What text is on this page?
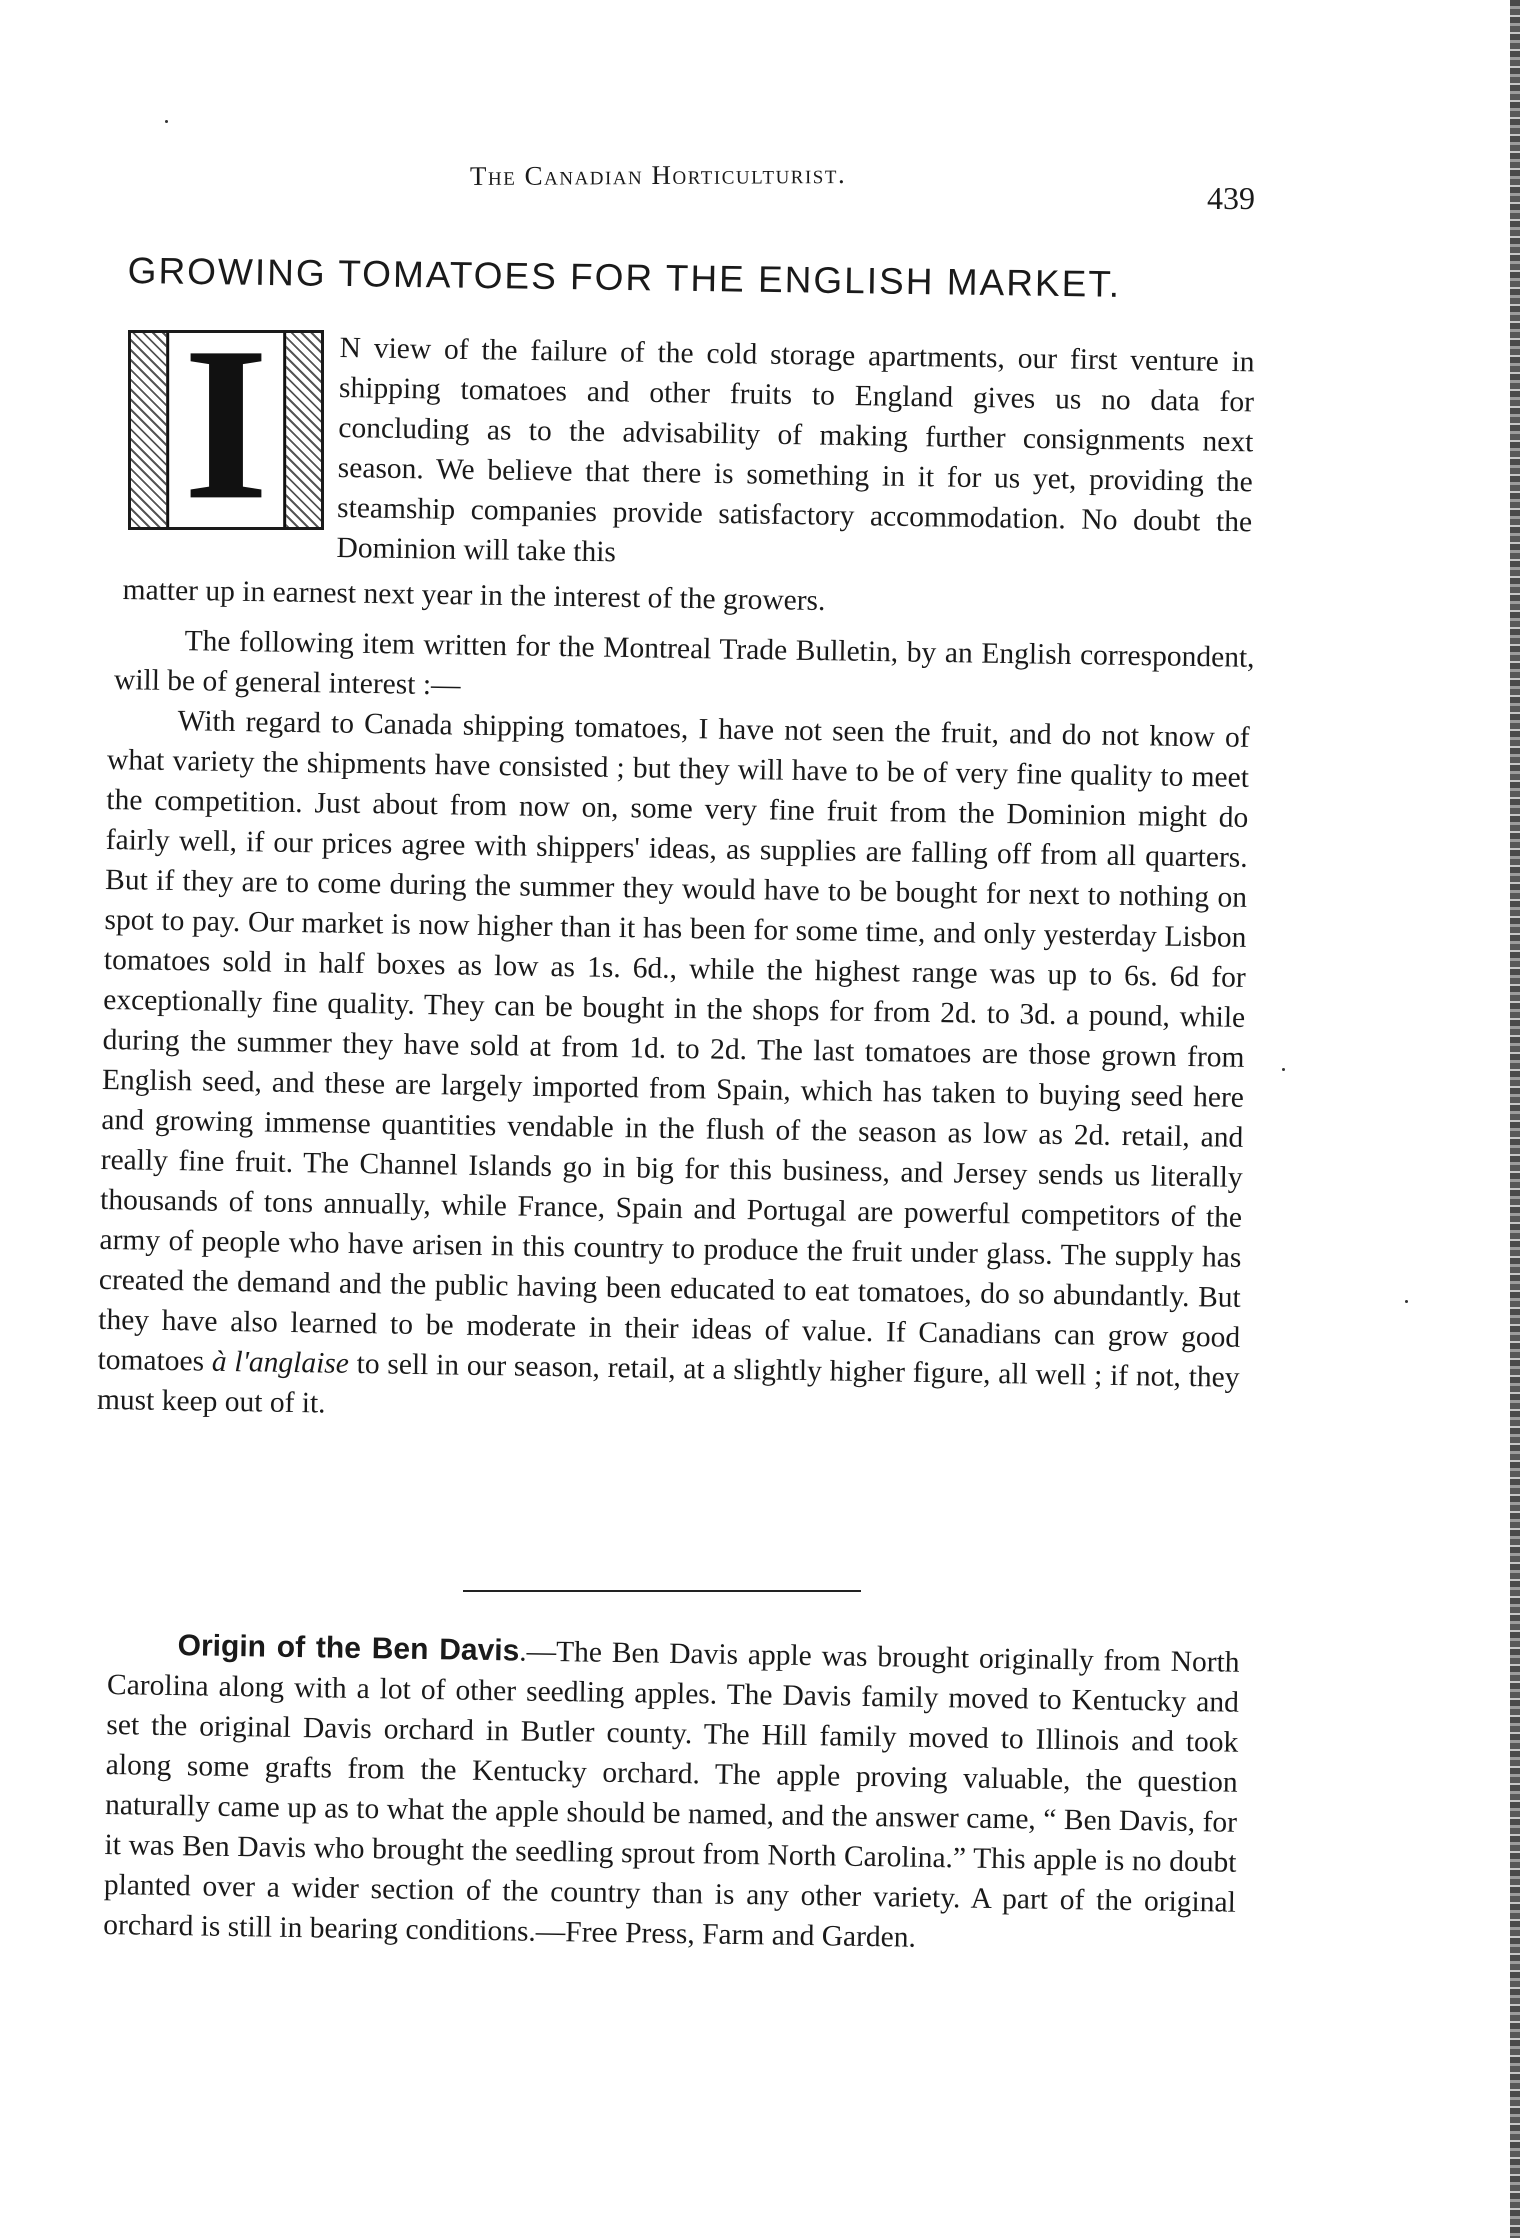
The Canadian Horticulturist.
439
GROWING TOMATOES FOR THE ENGLISH MARKET.
I	N view of the failure of the cold storage apartments, our first venture in shipping tomatoes and other fruits to England gives us no data for concluding as to the advisability of making further consignments next season. We believe that there is something in it for us yet, providing the steamship companies provide satisfactory accommodation. No doubt the Dominion will take this

matter up in earnest next year in the interest of the growers.

The following item written for the Montreal Trade Bulletin, by an English correspondent, will be of general interest :—

With regard to Canada shipping tomatoes, I have not seen the fruit, and do not know of what variety the shipments have consisted ; but they will have to be of very fine quality to meet the competition. Just about from now on, some very fine fruit from the Dominion might do fairly well, if our prices agree with shippers' ideas, as supplies are falling off from all quarters. But if they are to come during the summer they would have to be bought for next to nothing on spot to pay. Our market is now higher than it has been for some time, and only yesterday Lisbon tomatoes sold in half boxes as low as 1s. 6d., while the highest range was up to 6s. 6d for exceptionally fine quality. They can be bought in the shops for from 2d. to 3d. a pound, while during the summer they have sold at from 1d. to 2d. The last tomatoes are those grown from English seed, and these are largely imported from Spain, which has taken to buying seed here and growing immense quantities vendable in the flush of the season as low as 2d. retail, and really fine fruit. The Channel Islands go in big for this business, and Jersey sends us literally thousands of tons annually, while France, Spain and Portugal are powerful competitors of the army of people who have arisen in this country to produce the fruit under glass. The supply has created the demand and the public having been educated to eat tomatoes, do so abundantly. But they have also learned to be moderate in their ideas of value. If Canadians can grow good tomatoes à l'anglaise to sell in our season, retail, at a slightly higher figure, all well ; if not, they must keep out of it.

Origin of the Ben Davis.—The Ben Davis apple was brought originally from North Carolina along with a lot of other seedling apples. The Davis family moved to Kentucky and set the original Davis orchard in Butler county. The Hill family moved to Illinois and took along some grafts from the Kentucky orchard. The apple proving valuable, the question naturally came up as to what the apple should be named, and the answer came, “ Ben Davis, for it was Ben Davis who brought the seedling sprout from North Carolina.” This apple is no doubt planted over a wider section of the country than is any other variety. A part of the original orchard is still in bearing conditions.—Free Press, Farm and Garden.
